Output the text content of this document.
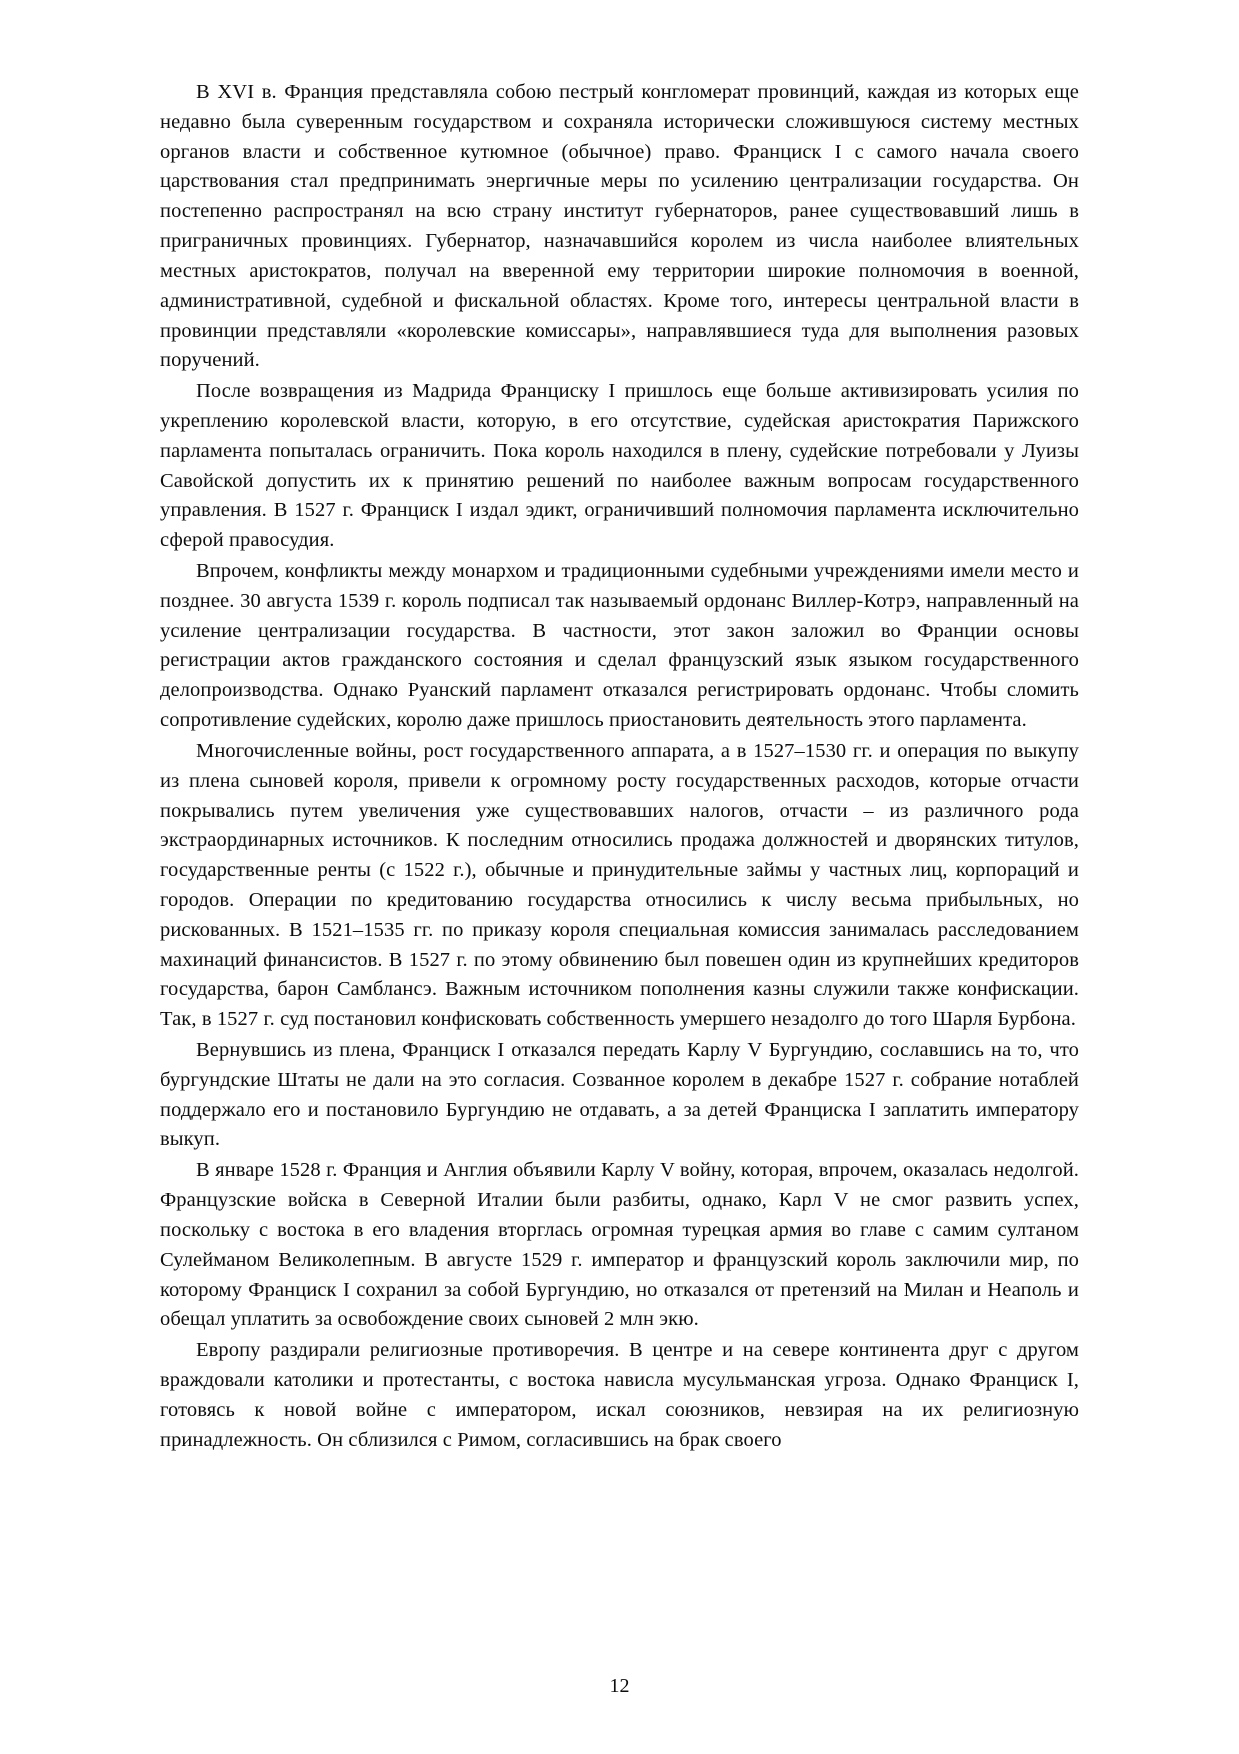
В XVI в. Франция представляла собою пестрый конгломерат провинций, каждая из которых еще недавно была суверенным государством и сохраняла исторически сложившуюся систему местных органов власти и собственное кутюмное (обычное) право. Франциск I с самого начала своего царствования стал предпринимать энергичные меры по усилению централизации государства. Он постепенно распространял на всю страну институт губернаторов, ранее существовавший лишь в приграничных провинциях. Губернатор, назначавшийся королем из числа наиболее влиятельных местных аристократов, получал на вверенной ему территории широкие полномочия в военной, административной, судебной и фискальной областях. Кроме того, интересы центральной власти в провинции представляли «королевские комиссары», направлявшиеся туда для выполнения разовых поручений.

После возвращения из Мадрида Франциску I пришлось еще больше активизировать усилия по укреплению королевской власти, которую, в его отсутствие, судейская аристократия Парижского парламента попыталась ограничить. Пока король находился в плену, судейские потребовали у Луизы Савойской допустить их к принятию решений по наиболее важным вопросам государственного управления. В 1527 г. Франциск I издал эдикт, ограничивший полномочия парламента исключительно сферой правосудия.

Впрочем, конфликты между монархом и традиционными судебными учреждениями имели место и позднее. 30 августа 1539 г. король подписал так называемый ордонанс Виллер-Котрэ, направленный на усиление централизации государства. В частности, этот закон заложил во Франции основы регистрации актов гражданского состояния и сделал французский язык языком государственного делопроизводства. Однако Руанский парламент отказался регистрировать ордонанс. Чтобы сломить сопротивление судейских, королю даже пришлось приостановить деятельность этого парламента.

Многочисленные войны, рост государственного аппарата, а в 1527–1530 гг. и операция по выкупу из плена сыновей короля, привели к огромному росту государственных расходов, которые отчасти покрывались путем увеличения уже существовавших налогов, отчасти – из различного рода экстраординарных источников. К последним относились продажа должностей и дворянских титулов, государственные ренты (с 1522 г.), обычные и принудительные займы у частных лиц, корпораций и городов. Операции по кредитованию государства относились к числу весьма прибыльных, но рискованных. В 1521–1535 гг. по приказу короля специальная комиссия занималась расследованием махинаций финансистов. В 1527 г. по этому обвинению был повешен один из крупнейших кредиторов государства, барон Самблансэ. Важным источником пополнения казны служили также конфискации. Так, в 1527 г. суд постановил конфисковать собственность умершего незадолго до того Шарля Бурбона.

Вернувшись из плена, Франциск I отказался передать Карлу V Бургундию, сославшись на то, что бургундские Штаты не дали на это согласия. Созванное королем в декабре 1527 г. собрание нотаблей поддержало его и постановило Бургундию не отдавать, а за детей Франциска I заплатить императору выкуп.

В январе 1528 г. Франция и Англия объявили Карлу V войну, которая, впрочем, оказалась недолгой. Французские войска в Северной Италии были разбиты, однако, Карл V не смог развить успех, поскольку с востока в его владения вторглась огромная турецкая армия во главе с самим султаном Сулейманом Великолепным. В августе 1529 г. император и французский король заключили мир, по которому Франциск I сохранил за собой Бургундию, но отказался от претензий на Милан и Неаполь и обещал уплатить за освобождение своих сыновей 2 млн экю.

Европу раздирали религиозные противоречия. В центре и на севере континента друг с другом враждовали католики и протестанты, с востока нависла мусульманская угроза. Однако Франциск I, готовясь к новой войне с императором, искал союзников, невзирая на их религиозную принадлежность. Он сблизился с Римом, согласившись на брак своего

12
